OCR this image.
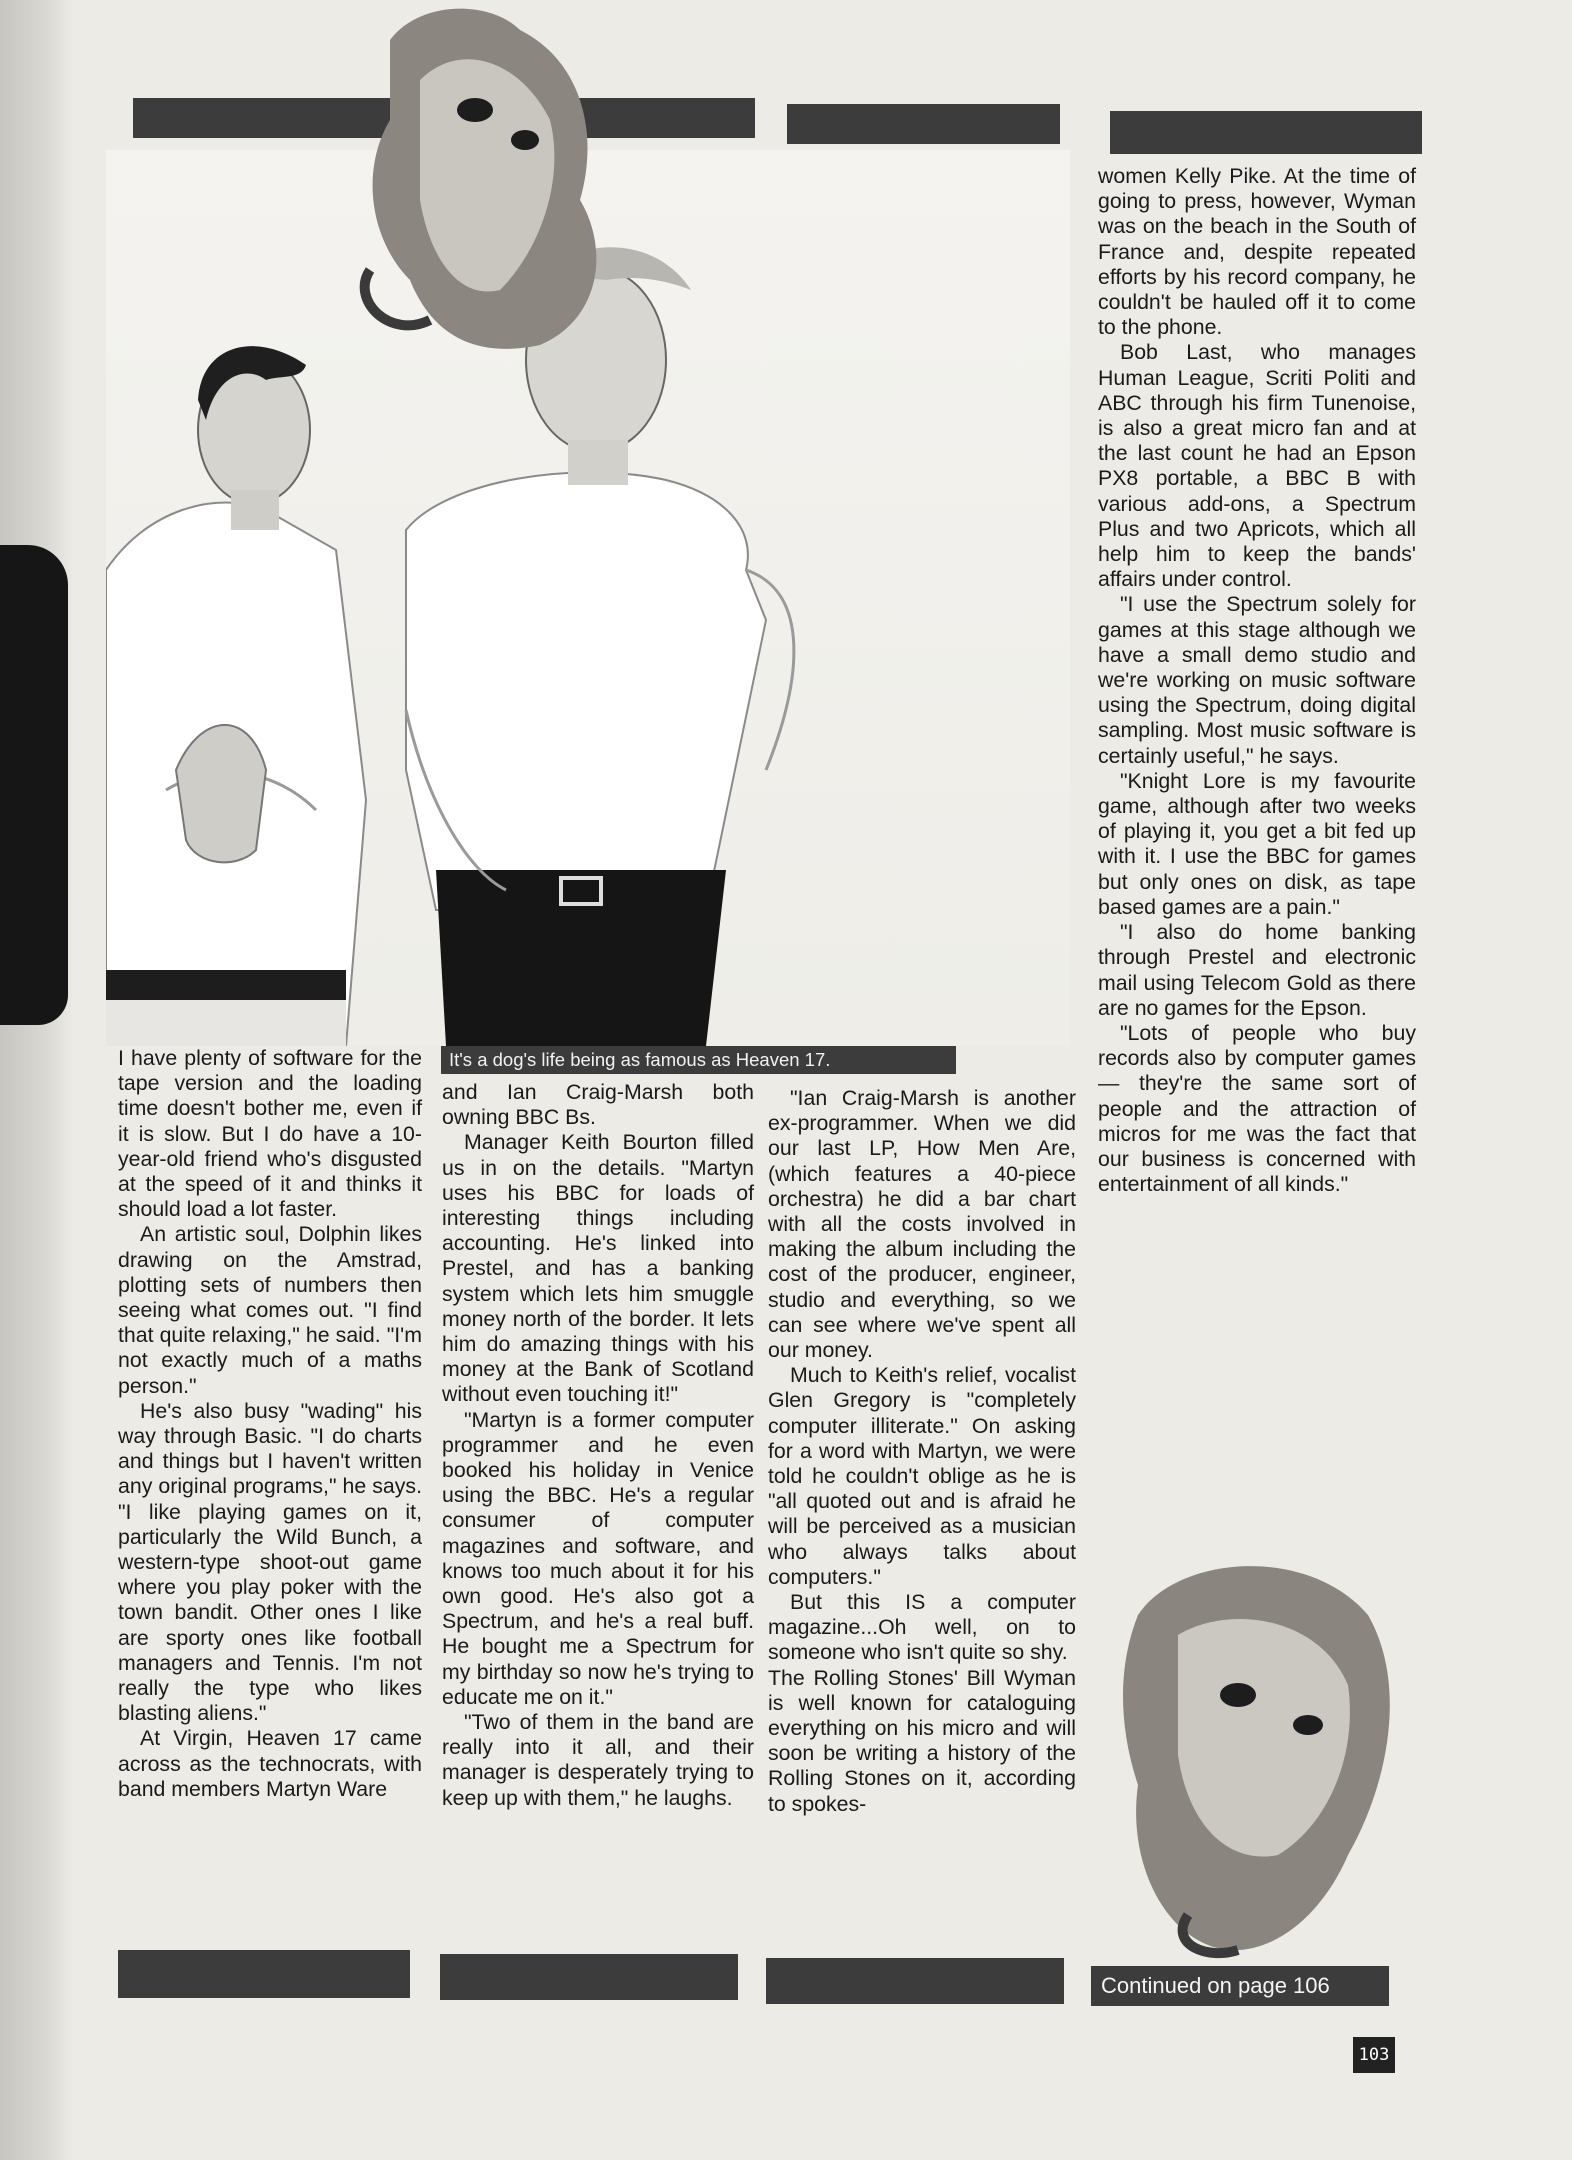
It's a dog's life being as famous as Heaven 17.

I have plenty of software for the tape version and the loading time doesn't bother me, even if it is slow. But I do have a 10-year-old friend who's disgusted at the speed of it and thinks it should load a lot faster.

An artistic soul, Dolphin likes drawing on the Amstrad, plotting sets of numbers then seeing what comes out. "I find that quite relaxing," he said. "I'm not exactly much of a maths person."

He's also busy "wading" his way through Basic. "I do charts and things but I haven't written any original programs," he says. "I like playing games on it, particularly the Wild Bunch, a western-type shoot-out game where you play poker with the town bandit. Other ones I like are sporty ones like football managers and Tennis. I'm not really the type who likes blasting aliens."

At Virgin, Heaven 17 came across as the technocrats, with band members Martyn Ware

and Ian Craig-Marsh both owning BBC Bs.

Manager Keith Bourton filled us in on the details. "Martyn uses his BBC for loads of interesting things including accounting. He's linked into Prestel, and has a banking system which lets him smuggle money north of the border. It lets him do amazing things with his money at the Bank of Scotland without even touching it!"

"Martyn is a former computer programmer and he even booked his holiday in Venice using the BBC. He's a regular consumer of computer magazines and software, and knows too much about it for his own good. He's also got a Spectrum, and he's a real buff. He bought me a Spectrum for my birthday so now he's trying to educate me on it."

"Two of them in the band are really into it all, and their manager is desperately trying to keep up with them," he laughs.

"Ian Craig-Marsh is another ex-programmer. When we did our last LP, How Men Are, (which features a 40-piece orchestra) he did a bar chart with all the costs involved in making the album including the cost of the producer, engineer, studio and everything, so we can see where we've spent all our money.

Much to Keith's relief, vocalist Glen Gregory is "completely computer illiterate." On asking for a word with Martyn, we were told he couldn't oblige as he is "all quoted out and is afraid he will be perceived as a musician who always talks about computers."

But this IS a computer magazine...Oh well, on to someone who isn't quite so shy.

The Rolling Stones' Bill Wyman is well known for cataloguing everything on his micro and will soon be writing a history of the Rolling Stones on it, according to spokes-

women Kelly Pike. At the time of going to press, however, Wyman was on the beach in the South of France and, despite repeated efforts by his record company, he couldn't be hauled off it to come to the phone.

Bob Last, who manages Human League, Scriti Politi and ABC through his firm Tunenoise, is also a great micro fan and at the last count he had an Epson PX8 portable, a BBC B with various add-ons, a Spectrum Plus and two Apricots, which all help him to keep the bands' affairs under control.

"I use the Spectrum solely for games at this stage although we have a small demo studio and we're working on music software using the Spectrum, doing digital sampling. Most music software is certainly useful," he says.

"Knight Lore is my favourite game, although after two weeks of playing it, you get a bit fed up with it. I use the BBC for games but only ones on disk, as tape based games are a pain."

"I also do home banking through Prestel and electronic mail using Telecom Gold as there are no games for the Epson.

"Lots of people who buy records also by computer games — they're the same sort of people and the attraction of micros for me was the fact that our business is concerned with entertainment of all kinds."

Continued on page 106
103
